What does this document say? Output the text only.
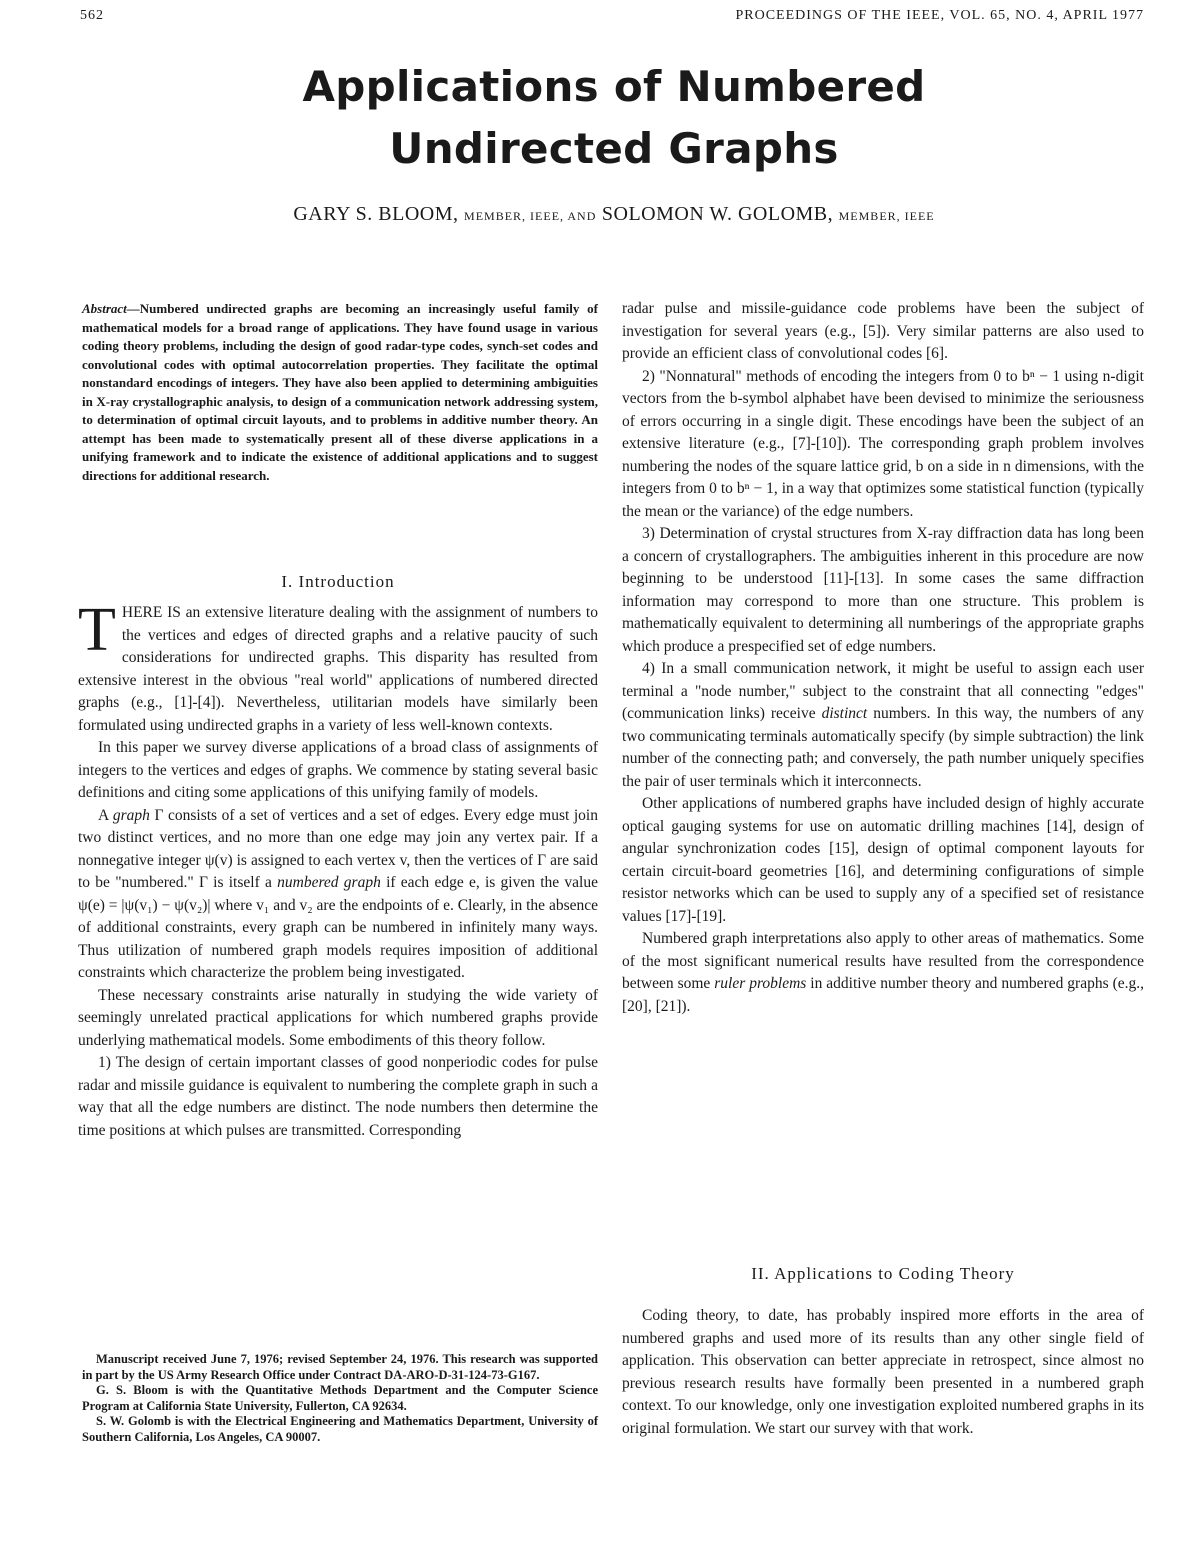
562	PROCEEDINGS OF THE IEEE, VOL. 65, NO. 4, APRIL 1977
Applications of Numbered
Undirected Graphs
GARY S. BLOOM, MEMBER, IEEE, AND SOLOMON W. GOLOMB, MEMBER, IEEE
Abstract—Numbered undirected graphs are becoming an increasingly useful family of mathematical models for a broad range of applications. They have found usage in various coding theory problems, including the design of good radar-type codes, synch-set codes and convolutional codes with optimal autocorrelation properties. They facilitate the optimal nonstandard encodings of integers. They have also been applied to determining ambiguities in X-ray crystallographic analysis, to design of a communication network addressing system, to determination of optimal circuit layouts, and to problems in additive number theory. An attempt has been made to systematically present all of these diverse applications in a unifying framework and to indicate the existence of additional applications and to suggest directions for additional research.
I. Introduction

THERE IS an extensive literature dealing with the assignment of numbers to the vertices and edges of directed graphs and a relative paucity of such considerations for undirected graphs. This disparity has resulted from extensive interest in the obvious "real world" applications of numbered directed graphs (e.g., [1]-[4]). Nevertheless, utilitarian models have similarly been formulated using undirected graphs in a variety of less well-known contexts.

In this paper we survey diverse applications of a broad class of assignments of integers to the vertices and edges of graphs. We commence by stating several basic definitions and citing some applications of this unifying family of models.

A graph Γ consists of a set of vertices and a set of edges. Every edge must join two distinct vertices, and no more than one edge may join any vertex pair. If a nonnegative integer ψ(v) is assigned to each vertex v, then the vertices of Γ are said to be "numbered." Γ is itself a numbered graph if each edge e, is given the value ψ(e) = |ψ(v₁) − ψ(v₂)| where v₁ and v₂ are the endpoints of e. Clearly, in the absence of additional constraints, every graph can be numbered in infinitely many ways. Thus utilization of numbered graph models requires imposition of additional constraints which characterize the problem being investigated.

These necessary constraints arise naturally in studying the wide variety of seemingly unrelated practical applications for which numbered graphs provide underlying mathematical models. Some embodiments of this theory follow.

1) The design of certain important classes of good nonperiodic codes for pulse radar and missile guidance is equivalent to numbering the complete graph in such a way that all the edge numbers are distinct. The node numbers then determine the time positions at which pulses are transmitted. Corresponding

Manuscript received June 7, 1976; revised September 24, 1976. This research was supported in part by the US Army Research Office under Contract DA-ARO-D-31-124-73-G167.

G. S. Bloom is with the Quantitative Methods Department and the Computer Science Program at California State University, Fullerton, CA 92634.

S. W. Golomb is with the Electrical Engineering and Mathematics Department, University of Southern California, Los Angeles, CA 90007.

radar pulse and missile-guidance code problems have been the subject of investigation for several years (e.g., [5]). Very similar patterns are also used to provide an efficient class of convolutional codes [6].

2) "Nonnatural" methods of encoding the integers from 0 to bⁿ − 1 using n-digit vectors from the b-symbol alphabet have been devised to minimize the seriousness of errors occurring in a single digit. These encodings have been the subject of an extensive literature (e.g., [7]-[10]). The corresponding graph problem involves numbering the nodes of the square lattice grid, b on a side in n dimensions, with the integers from 0 to bⁿ − 1, in a way that optimizes some statistical function (typically the mean or the variance) of the edge numbers.

3) Determination of crystal structures from X-ray diffraction data has long been a concern of crystallographers. The ambiguities inherent in this procedure are now beginning to be understood [11]-[13]. In some cases the same diffraction information may correspond to more than one structure. This problem is mathematically equivalent to determining all numberings of the appropriate graphs which produce a prespecified set of edge numbers.

4) In a small communication network, it might be useful to assign each user terminal a "node number," subject to the constraint that all connecting "edges" (communication links) receive distinct numbers. In this way, the numbers of any two communicating terminals automatically specify (by simple subtraction) the link number of the connecting path; and conversely, the path number uniquely specifies the pair of user terminals which it interconnects.

Other applications of numbered graphs have included design of highly accurate optical gauging systems for use on automatic drilling machines [14], design of angular synchronization codes [15], design of optimal component layouts for certain circuit-board geometries [16], and determining configurations of simple resistor networks which can be used to supply any of a specified set of resistance values [17]-[19].

Numbered graph interpretations also apply to other areas of mathematics. Some of the most significant numerical results have resulted from the correspondence between some ruler problems in additive number theory and numbered graphs (e.g., [20], [21]).

II. Applications to Coding Theory

Coding theory, to date, has probably inspired more efforts in the area of numbered graphs and used more of its results than any other single field of application. This observation can better appreciate in retrospect, since almost no previous research results have formally been presented in a numbered graph context. To our knowledge, only one investigation exploited numbered graphs in its original formulation. We start our survey with that work.
